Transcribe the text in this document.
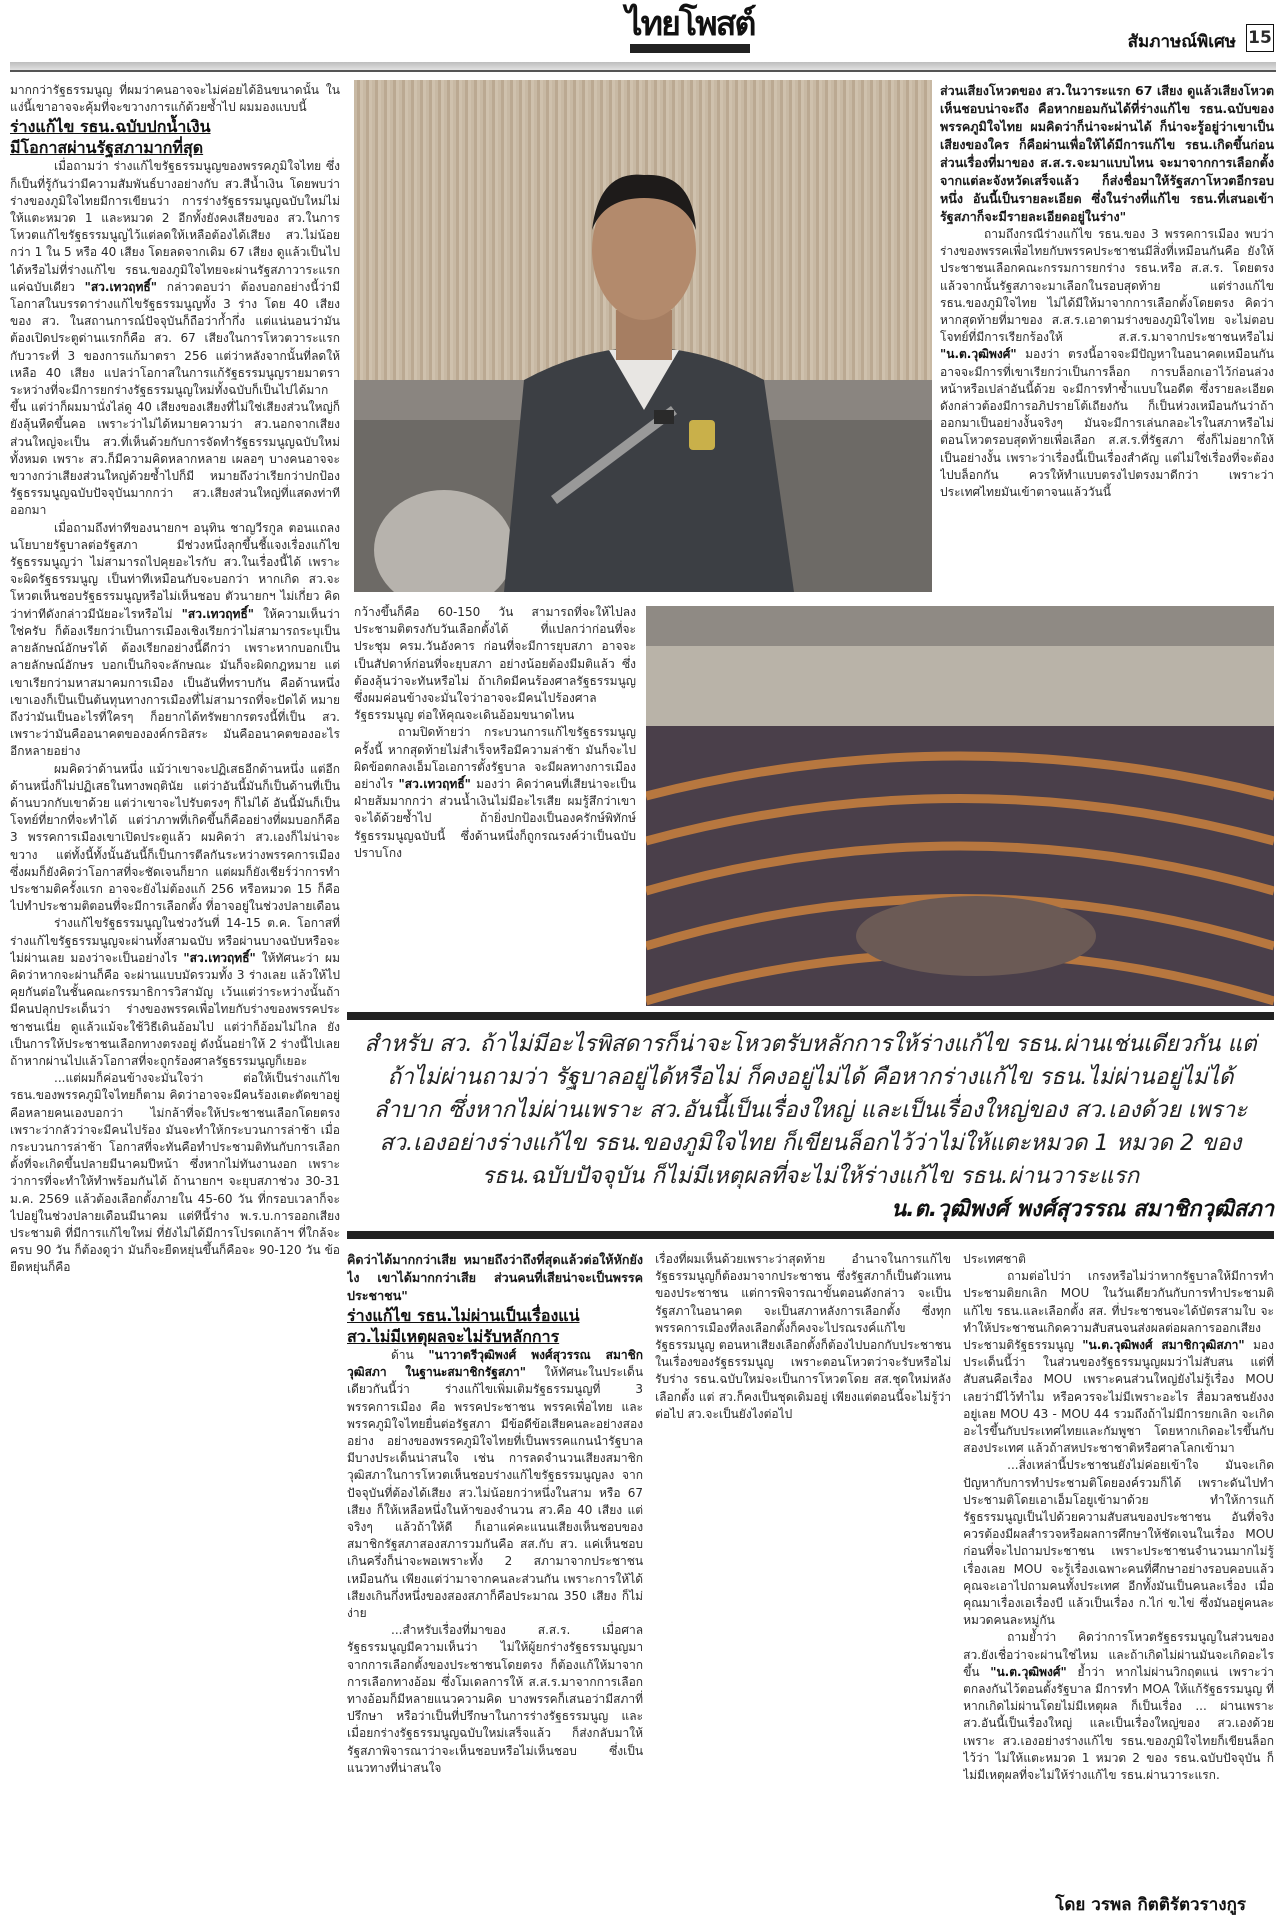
ไทยโพสต์	สัมภาษณ์พิเศษ 15

มากกว่ารัฐธรรมนูญ ที่ผมว่าคนอาจจะไม่ค่อยได้อินขนาดนั้น ในแง่นี้เขาอาจจะคุ้มที่จะขวางการแก้ด้วยซ้ำไป ผมมองแบบนี้

ร่างแก้ไข รธน.ฉบับปกน้ำเงิน
มีโอกาสผ่านรัฐสภามากที่สุด

เมื่อถามว่า ร่างแก้ไขรัฐธรรมนูญของพรรคภูมิใจไทย ซึ่งก็เป็นที่รู้กันว่ามีความสัมพันธ์บางอย่างกับ สว.สีน้ำเงิน โดยพบว่าร่างของภูมิใจไทยมีการเขียนว่า การร่างรัฐธรรมนูญฉบับใหม่ไม่ให้แตะหมวด 1 และหมวด 2 อีกทั้งยังคงเสียงของ สว.ในการโหวตแก้ไขรัฐธรรมนูญไว้แต่ลดให้เหลือต้องได้เสียง สว.ไม่น้อยกว่า 1 ใน 5 หรือ 40 เสียง โดยลดจากเดิม 67 เสียง ดูแล้วเป็นไปได้หรือไม่ที่ร่างแก้ไข รธน.ของภูมิใจไทยจะผ่านรัฐสภาวาระแรกแค่ฉบับเดียว "สว.เทวฤทธิ์" กล่าวตอบว่า ต้องบอกอย่างนี้ว่ามีโอกาสในบรรดาร่างแก้ไขรัฐธรรมนูญทั้ง 3 ร่าง โดย 40 เสียงของ สว. ในสถานการณ์ปัจจุบันก็ถือว่าก้ำกึ่ง แต่แน่นอนว่ามันต้องเปิดประตูด่านแรกก็คือ สว. 67 เสียงในการโหวตวาระแรกกับวาระที่ 3 ของการแก้มาตรา 256 แต่ว่าหลังจากนั้นที่ลดให้เหลือ 40 เสียง แปลว่าโอกาสในการแก้รัฐธรรมนูญรายมาตราระหว่างที่จะมีการยกร่างรัฐธรรมนูญใหม่ทั้งฉบับก็เป็นไปได้มากขึ้น แต่ว่าก็ผมมานั่งไล่ดู 40 เสียงของเสียงที่ไม่ใช่เสียงส่วนใหญ่ก็ยังลุ้นหืดขึ้นคอ เพราะว่าไม่ได้หมายความว่า สว.นอกจากเสียงส่วนใหญ่จะเป็น สว.ที่เห็นด้วยกับการจัดทำรัฐธรรมนูญฉบับใหม่ทั้งหมด เพราะ สว.ก็มีความคิดหลากหลาย เผลอๆ บางคนอาจจะขวางกว่าเสียงส่วนใหญ่ด้วยซ้ำไปก็มี หมายถึงว่าเรียกว่าปกป้องรัฐธรรมนูญฉบับปัจจุบันมากกว่า สว.เสียงส่วนใหญ่ที่แสดงท่าทีออกมา

เมื่อถามถึงท่าทีของนายกฯ อนุทิน ชาญวีรกูล ตอนแถลงนโยบายรัฐบาลต่อรัฐสภา มีช่วงหนึ่งลุกขึ้นชี้แจงเรื่องแก้ไขรัฐธรรมนูญว่า ไม่สามารถไปคุยอะไรกับ สว.ในเรื่องนี้ได้ เพราะจะผิดรัฐธรรมนูญ เป็นท่าทีเหมือนกับจะบอกว่า หากเกิด สว.จะโหวตเห็นชอบรัฐธรรมนูญหรือไม่เห็นชอบ ตัวนายกฯ ไม่เกี่ยว คิดว่าท่าทีดังกล่าวมีนัยอะไรหรือไม่ "สว.เทวฤทธิ์" ให้ความเห็นว่า ใช่ครับ ก็ต้องเรียกว่าเป็นการเมืองเชิงเรียกว่าไม่สามารถระบุเป็นลายลักษณ์อักษรได้ ต้องเรียกอย่างนี้ดีกว่า เพราะหากบอกเป็นลายลักษณ์อักษร บอกเป็นกิจจะลักษณะ มันก็จะผิดกฎหมาย แต่เขาเรียกว่ามหาสมาคมการเมือง เป็นอันที่ทราบกัน คือด้านหนึ่งเขาเองก็เป็นเป็นต้นทุนทางการเมืองที่ไม่สามารถที่จะปัดได้ หมายถึงว่ามันเป็นอะไรที่ใครๆ ก็อยากได้ทรัพยากรตรงนี้ที่เป็น สว. เพราะว่ามันคืออนาคตขององค์กรอิสระ มันคืออนาคตของอะไรอีกหลายอย่าง

ผมคิดว่าด้านหนึ่ง แม้ว่าเขาจะปฏิเสธอีกด้านหนึ่ง แต่อีกด้านหนึ่งก็ไม่ปฏิเสธในทางพฤตินัย แต่ว่าอันนี้มันก็เป็นด้านที่เป็นด้านบวกกับเขาด้วย แต่ว่าเขาจะไปรับตรงๆ ก็ไม่ได้ อันนี้มันก็เป็นโจทย์ที่ยากที่จะทำได้ แต่ว่าภาพที่เกิดขึ้นก็คืออย่างที่ผมบอกก็คือ 3 พรรคการเมืองเขาเปิดประตูแล้ว ผมคิดว่า สว.เองก็ไม่น่าจะขวาง แต่ทั้งนี้ทั้งนั้นอันนี้ก็เป็นการตีลกันระหว่างพรรคการเมือง ซึ่งผมก็ยังคิดว่าโอกาสที่จะชัดเจนก็ยาก แต่ผมก็ยังเชียร์ว่าการทำประชามติครั้งแรก อาจจะยังไม่ต้องแก้ 256 หรือหมวด 15 ก็คือไปทำประชามติตอนที่จะมีการเลือกตั้ง ที่อาจอยู่ในช่วงปลายเดือน

ร่างแก้ไขรัฐธรรมนูญในช่วงวันที่ 14-15 ต.ค. โอกาสที่ร่างแก้ไขรัฐธรรมนูญจะผ่านทั้งสามฉบับ หรือผ่านบางฉบับหรือจะไม่ผ่านเลย มองว่าจะเป็นอย่างไร "สว.เทวฤทธิ์" ให้ทัศนะว่า ผมคิดว่าหากจะผ่านก็คือ จะผ่านแบบมัดรวมทั้ง 3 ร่างเลย แล้วให้ไปคุยกันต่อในชั้นคณะกรรมาธิการวิสามัญ เว้นแต่ว่าระหว่างนั้นถ้ามีคนปลุกประเด็นว่า ร่างของพรรคเพื่อไทยกับร่างของพรรคประชาชนเนี่ย ดูแล้วแม้จะใช้วิธีเดินอ้อมไป แต่ว่าก็อ้อมไม่ไกล ยังเป็นการให้ประชาชนเลือกทางตรงอยู่ ดังนั้นอย่าให้ 2 ร่างนี้ไปเลย ถ้าหากผ่านไปแล้วโอกาสที่จะถูกร้องศาลรัฐธรรมนูญก็เยอะ

...แต่ผมก็ค่อนข้างจะมั่นใจว่า ต่อให้เป็นร่างแก้ไข รธน.ของพรรคภูมิใจไทยก็ตาม คิดว่าอาจจะมีคนร้องเตะตัดขาอยู่ คือหลายคนเองบอกว่า ไม่กล้าที่จะให้ประชาชนเลือกโดยตรง เพราะว่ากลัวว่าจะมีคนไปร้อง มันจะทำให้กระบวนการล่าช้า เมื่อกระบวนการล่าช้า โอกาสที่จะทันคือทำประชามติทันกับการเลือกตั้งที่จะเกิดขึ้นปลายมีนาคมปีหน้า ซึ่งหากไม่ทันงานงอก เพราะว่าการที่จะทำให้ทำพร้อมกันได้ ถ้านายกฯ จะยุบสภาช่วง 30-31 ม.ค. 2569 แล้วต้องเลือกตั้งภายใน 45-60 วัน ที่กรอบเวลาก็จะไปอยู่ในช่วงปลายเดือนมีนาคม แต่ทีนี้ร่าง พ.ร.บ.การออกเสียงประชามติ ที่มีการแก้ไขใหม่ ที่ยังไม่ได้มีการโปรดเกล้าฯ ที่ใกล้จะครบ 90 วัน ก็ต้องดูว่า มันก็จะยืดหยุ่นขึ้นก็คือจะ 90-120 วัน ข้อยืดหยุ่นก็คือ

ส่วนเสียงโหวตของ สว.ในวาระแรก 67 เสียง ดูแล้วเสียงโหวตเห็นชอบน่าจะถึง คือหากยอมกันได้ที่ร่างแก้ไข รธน.ฉบับของพรรคภูมิใจไทย ผมคิดว่าก็น่าจะผ่านได้ ก็น่าจะรู้อยู่ว่าเขาเป็นเสียงของใคร ก็คือผ่านเพื่อให้ได้มีการแก้ไข รธน.เกิดขึ้นก่อน ส่วนเรื่องที่มาของ ส.ส.ร.จะมาแบบไหน จะมาจากการเลือกตั้งจากแต่ละจังหวัดเสร็จแล้ว ก็ส่งชื่อมาให้รัฐสภาโหวตอีกรอบหนึ่ง อันนี้เป็นรายละเอียด ซึ่งในร่างที่แก้ไข รธน.ที่เสนอเข้ารัฐสภาก็จะมีรายละเอียดอยู่ในร่าง"

ถามถึงกรณีร่างแก้ไข รธน.ของ 3 พรรคการเมือง พบว่าร่างของพรรคเพื่อไทยกับพรรคประชาชนมีสิ่งที่เหมือนกันคือ ยังให้ประชาชนเลือกคณะกรรมการยกร่าง รธน.หรือ ส.ส.ร. โดยตรง แล้วจากนั้นรัฐสภาจะมาเลือกในรอบสุดท้าย แต่ร่างแก้ไข รธน.ของภูมิใจไทย ไม่ได้มีให้มาจากการเลือกตั้งโดยตรง คิดว่าหากสุดท้ายที่มาของ ส.ส.ร.เอาตามร่างของภูมิใจไทย จะไม่ตอบโจทย์ที่มีการเรียกร้องให้ ส.ส.ร.มาจากประชาชนหรือไม่ "น.ต.วุฒิพงศ์" มองว่า ตรงนี้อาจจะมีปัญหาในอนาคตเหมือนกัน อาจจะมีการที่เขาเรียกว่าเป็นการล็อก การบล็อกเอาไว้ก่อนล่วงหน้าหรือเปล่าอันนี้ด้วย จะมีการทำซ้ำแบบในอดีต ซึ่งรายละเอียดดังกล่าวต้องมีการอภิปรายโต้เถียงกัน ก็เป็นห่วงเหมือนกันว่าถ้าออกมาเป็นอย่างงั้นจริงๆ มันจะมีการเล่นกลอะไรในสภาหรือไม่ตอนโหวตรอบสุดท้ายเพื่อเลือก ส.ส.ร.ที่รัฐสภา ซึ่งก็ไม่อยากให้เป็นอย่างงั้น เพราะว่าเรื่องนี้เป็นเรื่องสำคัญ แต่ไม่ใช่เรื่องที่จะต้องไปบล็อกกัน ควรให้ทำแบบตรงไปตรงมาดีกว่า เพราะว่าประเทศไทยมันเข้าตาจนแล้ววันนี้

กว้างขึ้นก็คือ 60-150 วัน สามารถที่จะให้ไปลงประชามติตรงกับวันเลือกตั้งได้ ที่แปลกว่าก่อนที่จะประชุม ครม.วันอังคาร ก่อนที่จะมีการยุบสภา อาจจะเป็นสัปดาห์ก่อนที่จะยุบสภา อย่างน้อยต้องมีมติแล้ว ซึ่งต้องลุ้นว่าจะทันหรือไม่ ถ้าเกิดมีคนร้องศาลรัฐธรรมนูญ ซึ่งผมค่อนข้างจะมั่นใจว่าอาจจะมีคนไปร้องศาลรัฐธรรมนูญ ต่อให้คุณจะเดินอ้อมขนาดไหน

ถามปิดท้ายว่า กระบวนการแก้ไขรัฐธรรมนูญครั้งนี้ หากสุดท้ายไม่สำเร็จหรือมีความล่าช้า มันก็จะไปผิดข้อตกลงเอ็มโอเอการตั้งรัฐบาล จะมีผลทางการเมืองอย่างไร "สว.เทวฤทธิ์" มองว่า คิดว่าคนที่เสียน่าจะเป็นฝ่ายส้มมากกว่า ส่วนน้ำเงินไม่มีอะไรเสีย ผมรู้สึกว่าเขาจะได้ด้วยซ้ำไป ถ้ายิ่งปกป้องเป็นองครักษ์พิทักษ์รัฐธรรมนูญฉบับนี้ ซึ่งด้านหนึ่งก็ถูกรณรงค์ว่าเป็นฉบับปราบโกง

สำหรับ สว. ถ้าไม่มีอะไรพิสดารก็น่าจะโหวตรับหลักการให้ร่างแก้ไข รธน.ผ่านเช่นเดียวกัน แต่ถ้าไม่ผ่านถามว่า รัฐบาลอยู่ได้หรือไม่ ก็คงอยู่ไม่ได้ คือหากร่างแก้ไข รธน.ไม่ผ่านอยู่ไม่ได้ ลำบาก ซึ่งหากไม่ผ่านเพราะ สว.อันนี้เป็นเรื่องใหญ่ และเป็นเรื่องใหญ่ของ สว.เองด้วย เพราะ สว.เองอย่างร่างแก้ไข รธน.ของภูมิใจไทย ก็เขียนล็อกไว้ว่าไม่ให้แตะหมวด 1 หมวด 2 ของ รธน.ฉบับปัจจุบัน ก็ไม่มีเหตุผลที่จะไม่ให้ร่างแก้ไข รธน.ผ่านวาระแรก
น.ต.วุฒิพงศ์ พงศ์สุวรรณ สมาชิกวุฒิสภา

คิดว่าได้มากกว่าเสีย หมายถึงว่าถึงที่สุดแล้วต่อให้หักยังไง เขาได้มากกว่าเสีย ส่วนคนที่เสียน่าจะเป็นพรรคประชาชน"

ร่างแก้ไข รธน.ไม่ผ่านเป็นเรื่องแน่
สว.ไม่มีเหตุผลจะไม่รับหลักการ

ด้าน "นาวาตรีวุฒิพงศ์ พงศ์สุวรรณ สมาชิกวุฒิสภา ในฐานะสมาชิกรัฐสภา" ให้ทัศนะในประเด็นเดียวกันนี้ว่า ร่างแก้ไขเพิ่มเติมรัฐธรรมนูญที่ 3 พรรคการเมือง คือ พรรคประชาชน พรรคเพื่อไทย และพรรคภูมิใจไทยยื่นต่อรัฐสภา มีข้อดีข้อเสียคนละอย่างสองอย่าง อย่างของพรรคภูมิใจไทยที่เป็นพรรคแกนนำรัฐบาล มีบางประเด็นน่าสนใจ เช่น การลดจำนวนเสียงสมาชิกวุฒิสภาในการโหวตเห็นชอบร่างแก้ไขรัฐธรรมนูญลง จากปัจจุบันที่ต้องได้เสียง สว.ไม่น้อยกว่าหนึ่งในสาม หรือ 67 เสียง ก็ให้เหลือหนึ่งในห้าของจำนวน สว.คือ 40 เสียง แต่จริงๆ แล้วถ้าให้ดี ก็เอาแค่คะแนนเสียงเห็นชอบของสมาชิกรัฐสภาสองสภารวมกันคือ สส.กับ สว. แค่เห็นชอบเกินครึ่งก็น่าจะพอเพราะทั้ง 2 สภามาจากประชาชนเหมือนกัน เพียงแต่ว่ามาจากคนละส่วนกัน เพราะการให้ได้เสียงเกินกึ่งหนึ่งของสองสภาก็คือประมาณ 350 เสียง ก็ไม่ง่าย

...สำหรับเรื่องที่มาของ ส.ส.ร. เมื่อศาลรัฐธรรมนูญมีความเห็นว่า ไม่ให้ผู้ยกร่างรัฐธรรมนูญมาจากการเลือกตั้งของประชาชนโดยตรง ก็ต้องแก้ให้มาจากการเลือกทางอ้อม ซึ่งโมเดลการให้ ส.ส.ร.มาจากการเลือกทางอ้อมก็มีหลายแนวความคิด บางพรรคก็เสนอว่ามีสภาที่ปรึกษา หรือว่าเป็นที่ปรึกษาในการร่างรัฐธรรมนูญ และเมื่อยกร่างรัฐธรรมนูญฉบับใหม่เสร็จแล้ว ก็ส่งกลับมาให้รัฐสภาพิจารณาว่าจะเห็นชอบหรือไม่เห็นชอบ ซึ่งเป็นแนวทางที่น่าสนใจ

เรื่องที่ผมเห็นด้วยเพราะว่าสุดท้าย อำนาจในการแก้ไขรัฐธรรมนูญก็ต้องมาจากประชาชน ซึ่งรัฐสภาก็เป็นตัวแทนของประชาชน แต่การพิจารณาขั้นตอนดังกล่าว จะเป็นรัฐสภาในอนาคต จะเป็นสภาหลังการเลือกตั้ง ซึ่งทุกพรรคการเมืองที่ลงเลือกตั้งก็คงจะไปรณรงค์แก้ไขรัฐธรรมนูญ ตอนหาเสียงเลือกตั้งก็ต้องไปบอกกับประชาชนในเรื่องของรัฐธรรมนูญ เพราะตอนโหวตว่าจะรับหรือไม่รับร่าง รธน.ฉบับใหม่จะเป็นการโหวตโดย สส.ชุดใหม่หลังเลือกตั้ง แต่ สว.ก็คงเป็นชุดเดิมอยู่ เพียงแต่ตอนนี้จะไม่รู้ว่าต่อไป สว.จะเป็นยังไงต่อไป

ประเทศชาติ

ถามต่อไปว่า เกรงหรือไม่ว่าหากรัฐบาลให้มีการทำประชามติยกเลิก MOU ในวันเดียวกันกับการทำประชามติแก้ไข รธน.และเลือกตั้ง สส. ที่ประชาชนจะได้บัตรสามใบ จะทำให้ประชาชนเกิดความสับสนจนส่งผลต่อผลการออกเสียงประชามติรัฐธรรมนูญ "น.ต.วุฒิพงศ์ สมาชิกวุฒิสภา" มองประเด็นนี้ว่า ในส่วนของรัฐธรรมนูญผมว่าไม่สับสน แต่ที่สับสนคือเรื่อง MOU เพราะคนส่วนใหญ่ยังไม่รู้เรื่อง MOU เลยว่ามีไว้ทำไม หรือควรจะไม่มีเพราะอะไร สื่อมวลชนยังงงอยู่เลย MOU 43 - MOU 44 รวมถึงถ้าไม่มีการยกเลิก จะเกิดอะไรขึ้นกับประเทศไทยและกัมพูชา โดยหากเกิดอะไรขึ้นกับสองประเทศ แล้วถ้าสหประชาชาติหรือศาลโลกเข้ามา

...สิ่งเหล่านี้ประชาชนยังไม่ค่อยเข้าใจ มันจะเกิดปัญหากับการทำประชามติโดยองค์รวมก็ได้ เพราะดันไปทำประชามติโดยเอาเอ็มโอยูเข้ามาด้วย ทำให้การแก้รัฐธรรมนูญเป็นไปด้วยความสับสนของประชาชน อันที่จริงควรต้องมีผลสำรวจหรือผลการศึกษาให้ชัดเจนในเรื่อง MOU ก่อนที่จะไปถามประชาชน เพราะประชาชนจำนวนมากไม่รู้เรื่องเลย MOU จะรู้เรื่องเฉพาะคนที่ศึกษาอย่างรอบคอบแล้ว คุณจะเอาไปถามคนทั้งประเทศ อีกทั้งมันเป็นคนละเรื่อง เมื่อคุณมาเรื่องเอเรื่องบี แล้วเป็นเรื่อง ก.ไก่ ข.ไข่ ซึ่งมันอยู่คนละหมวดคนละหมู่กัน

ถามย้ำว่า คิดว่าการโหวตรัฐธรรมนูญในส่วนของ สว.ยังเชื่อว่าจะผ่านใช่ไหม และถ้าเกิดไม่ผ่านมันจะเกิดอะไรขึ้น "น.ต.วุฒิพงศ์" ย้ำว่า หากไม่ผ่านวิกฤตแน่ เพราะว่าตกลงกันไว้ตอนตั้งรัฐบาล มีการทำ MOA ให้แก้รัฐธรรมนูญ ที่หากเกิดไม่ผ่านโดยไม่มีเหตุผล ก็เป็นเรื่อง ... ผ่านเพราะ สว.อันนี้เป็นเรื่องใหญ่ และเป็นเรื่องใหญ่ของ สว.เองด้วย เพราะ สว.เองอย่างร่างแก้ไข รธน.ของภูมิใจไทยก็เขียนล็อกไว้ว่า ไม่ให้แตะหมวด 1 หมวด 2 ของ รธน.ฉบับปัจจุบัน ก็ไม่มีเหตุผลที่จะไม่ให้ร่างแก้ไข รธน.ผ่านวาระแรก.

โดย วรพล กิตติรัตวรางกูร
